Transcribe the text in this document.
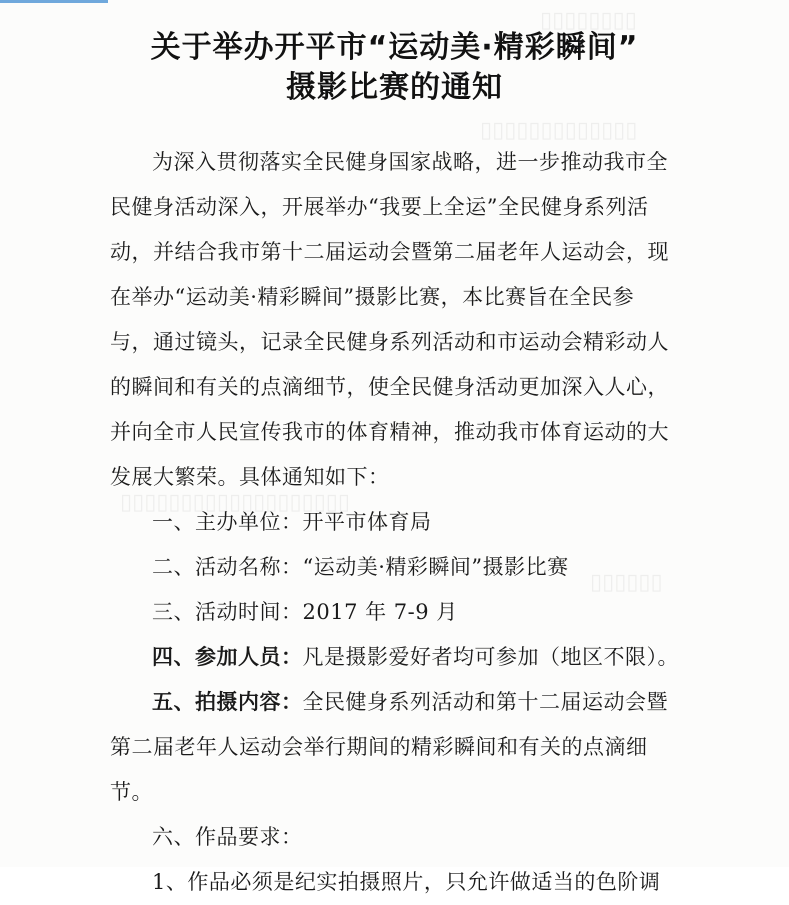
▯▯▯▯▯▯▯▯
▯▯▯▯▯▯▯▯▯▯▯▯▯
▯▯▯▯▯▯▯▯▯▯▯▯▯▯▯▯▯▯▯
▯▯▯▯▯▯
关于举办开平市“运动美·精彩瞬间”
摄影比赛的通知
为深入贯彻落实全民健身国家战略，进一步推动我市全
民健身活动深入，开展举办“我要上全运”全民健身系列活
动，并结合我市第十二届运动会暨第二届老年人运动会，现
在举办“运动美·精彩瞬间”摄影比赛，本比赛旨在全民参
与，通过镜头，记录全民健身系列活动和市运动会精彩动人
的瞬间和有关的点滴细节，使全民健身活动更加深入人心，
并向全市人民宣传我市的体育精神，推动我市体育运动的大
发展大繁荣。具体通知如下：
一、主办单位：开平市体育局
二、活动名称：“运动美·精彩瞬间”摄影比赛
三、活动时间：2017 年 7-9 月
四、参加人员：凡是摄影爱好者均可参加（地区不限）。
五、拍摄内容：全民健身系列活动和第十二届运动会暨
第二届老年人运动会举行期间的精彩瞬间和有关的点滴细
节。
六、作品要求：
1、作品必须是纪实拍摄照片，只允许做适当的色阶调
